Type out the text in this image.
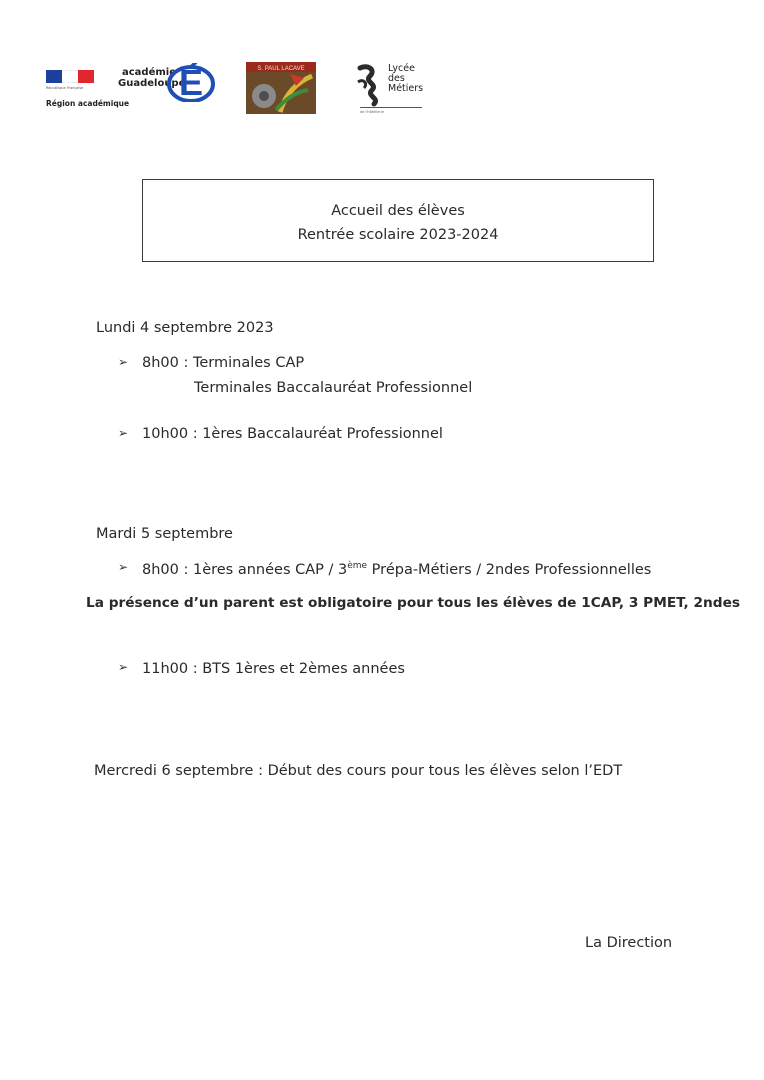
République Française
Région académique
académie
Guadeloupe
É	S. PAUL LACAVE	Lycée
des
Métiers
de l'hôtellerie
Accueil des élèves
Rentrée scolaire 2023-2024
Lundi 4 septembre 2023
➢ 8h00 : Terminales CAP
Terminales Baccalauréat Professionnel
➢ 10h00 : 1ères Baccalauréat Professionnel
Mardi 5 septembre
➢ 8h00 : 1ères années CAP / 3ème Prépa-Métiers / 2ndes Professionnelles
La présence d’un parent est obligatoire pour tous les élèves de 1CAP, 3 PMET, 2ndes
➢ 11h00 : BTS 1ères et 2èmes années
Mercredi 6 septembre : Début des cours pour tous les élèves selon l’EDT
La Direction
